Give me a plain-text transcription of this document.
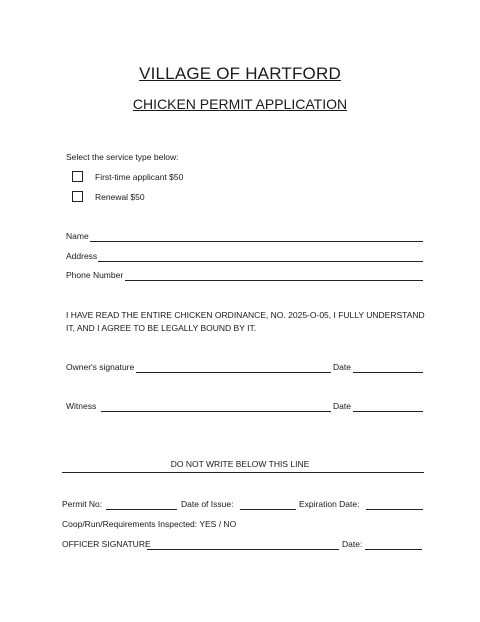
VILLAGE OF HARTFORD
CHICKEN PERMIT APPLICATION
Select the service type below:
First-time applicant $50
Renewal $50
Name
Address
Phone Number
I HAVE READ THE ENTIRE CHICKEN ORDINANCE, NO. 2025-O-05, I FULLY UNDERSTAND IT, AND I AGREE TO BE LEGALLY BOUND BY IT.
Owner's signature	Date
Witness	Date
DO NOT WRITE BELOW THIS LINE
Permit No:	Date of Issue:	Expiration Date:
Coop/Run/Requirements Inspected: YES / NO
OFFICER SIGNATURE	Date:
